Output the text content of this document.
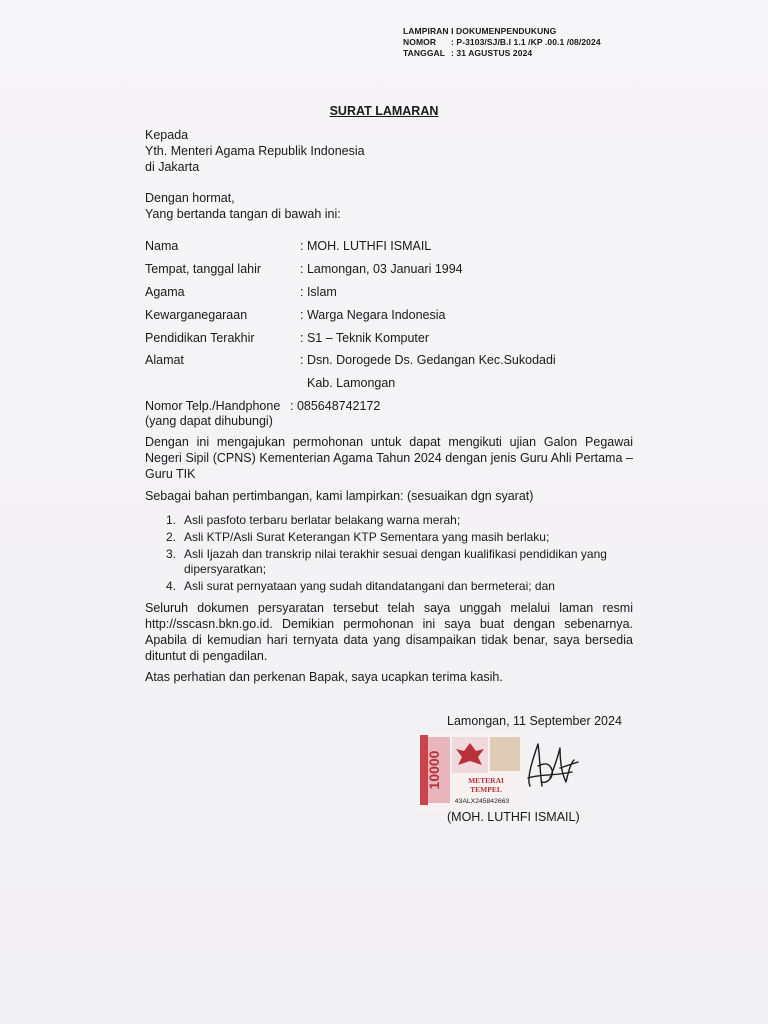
LAMPIRAN I DOKUMENPENDUKUNG
NOMOR : P-3103/SJ/B.I 1.1 /KP .00.1 /08/2024
TANGGAL : 31 AGUSTUS 2024
SURAT LAMARAN
Kepada
Yth. Menteri Agama Republik Indonesia
di Jakarta
Dengan hormat,
Yang bertanda tangan di bawah ini:
Nama	: MOH. LUTHFI ISMAIL
Tempat, tanggal lahir	: Lamongan, 03 Januari 1994
Agama	: Islam
Kewarganegaraan	: Warga Negara Indonesia
Pendidikan Terakhir	: S1 – Teknik Komputer
Alamat	: Dsn. Dorogede Ds. Gedangan Kec.Sukodadi
Kab. Lamongan
Nomor Telp./Handphone : 085648742172
(yang dapat dihubungi)
Dengan ini mengajukan permohonan untuk dapat mengikuti ujian Galon Pegawai Negeri Sipil (CPNS) Kementerian Agama Tahun 2024 dengan jenis Guru Ahli Pertama – Guru TIK
Sebagai bahan pertimbangan, kami lampirkan: (sesuaikan dgn syarat)
1. Asli pasfoto terbaru berlatar belakang warna merah;
2. Asli KTP/Asli Surat Keterangan KTP Sementara yang masih berlaku;
3. Asli Ijazah dan transkrip nilai terakhir sesuai dengan kualifikasi pendidikan yang dipersyaratkan;
4. Asli surat pernyataan yang sudah ditandatangani dan bermeterai; dan
Seluruh dokumen persyaratan tersebut telah saya unggah melalui laman resmi http://sscasn.bkn.go.id. Demikian permohonan ini saya buat dengan sebenarnya. Apabila di kemudian hari ternyata data yang disampaikan tidak benar, saya bersedia dituntut di pengadilan.
Atas perhatian dan perkenan Bapak, saya ucapkan terima kasih.
Lamongan, 11 September 2024
10000	METERAI
TEMPEL
43ALX245842663
(MOH. LUTHFI ISMAIL)
